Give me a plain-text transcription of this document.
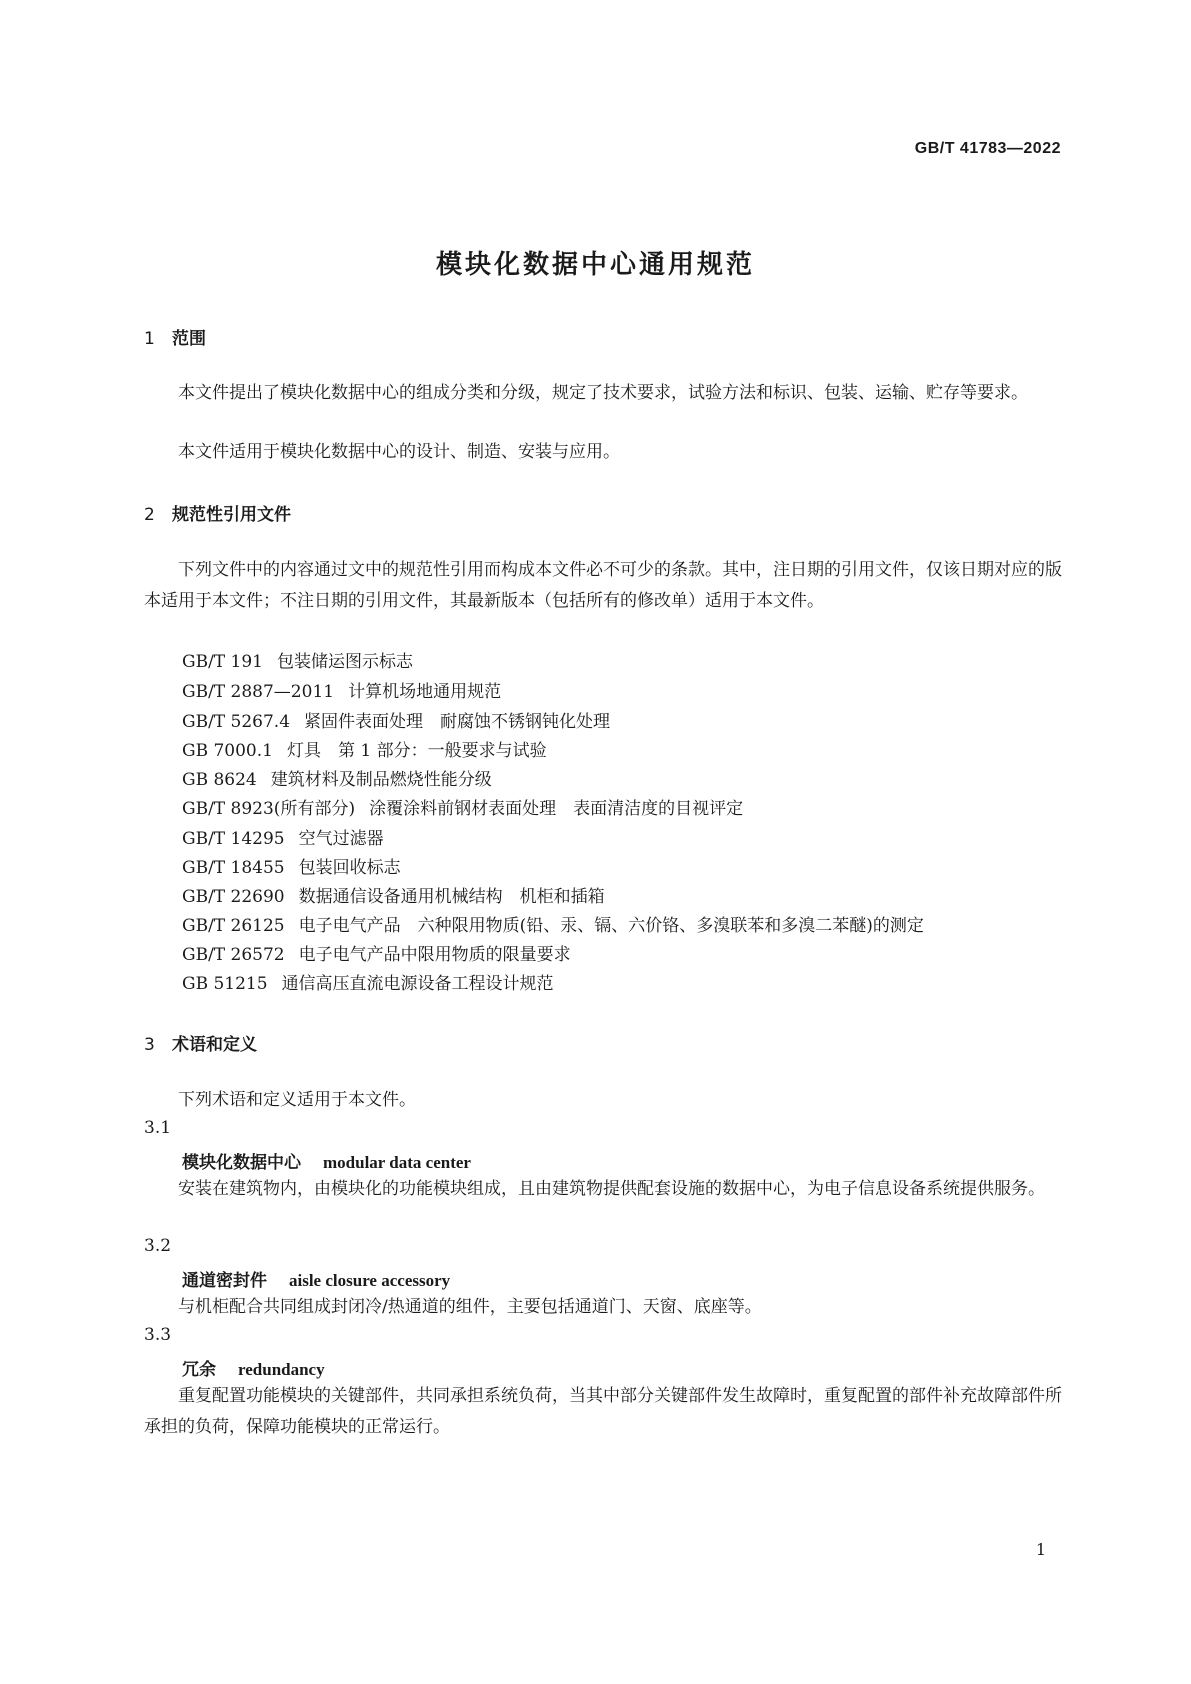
GB/T 41783—2022
模块化数据中心通用规范
1 范围
本文件提出了模块化数据中心的组成分类和分级，规定了技术要求，试验方法和标识、包装、运输、贮存等要求。
本文件适用于模块化数据中心的设计、制造、安装与应用。
2 规范性引用文件
下列文件中的内容通过文中的规范性引用而构成本文件必不可少的条款。其中，注日期的引用文件，仅该日期对应的版本适用于本文件；不注日期的引用文件，其最新版本（包括所有的修改单）适用于本文件。
GB/T 191 包装储运图示标志
GB/T 2887—2011 计算机场地通用规范
GB/T 5267.4 紧固件表面处理　耐腐蚀不锈钢钝化处理
GB 7000.1 灯具　第 1 部分：一般要求与试验
GB 8624 建筑材料及制品燃烧性能分级
GB/T 8923(所有部分) 涂覆涂料前钢材表面处理　表面清洁度的目视评定
GB/T 14295 空气过滤器
GB/T 18455 包装回收标志
GB/T 22690 数据通信设备通用机械结构　机柜和插箱
GB/T 26125 电子电气产品　六种限用物质(铅、汞、镉、六价铬、多溴联苯和多溴二苯醚)的测定
GB/T 26572 电子电气产品中限用物质的限量要求
GB 51215 通信高压直流电源设备工程设计规范
3 术语和定义
下列术语和定义适用于本文件。
3.1
模块化数据中心 modular data center
安装在建筑物内，由模块化的功能模块组成，且由建筑物提供配套设施的数据中心，为电子信息设备系统提供服务。
3.2
通道密封件 aisle closure accessory
与机柜配合共同组成封闭冷/热通道的组件，主要包括通道门、天窗、底座等。
3.3
冗余 redundancy
重复配置功能模块的关键部件，共同承担系统负荷，当其中部分关键部件发生故障时，重复配置的部件补充故障部件所承担的负荷，保障功能模块的正常运行。
1
